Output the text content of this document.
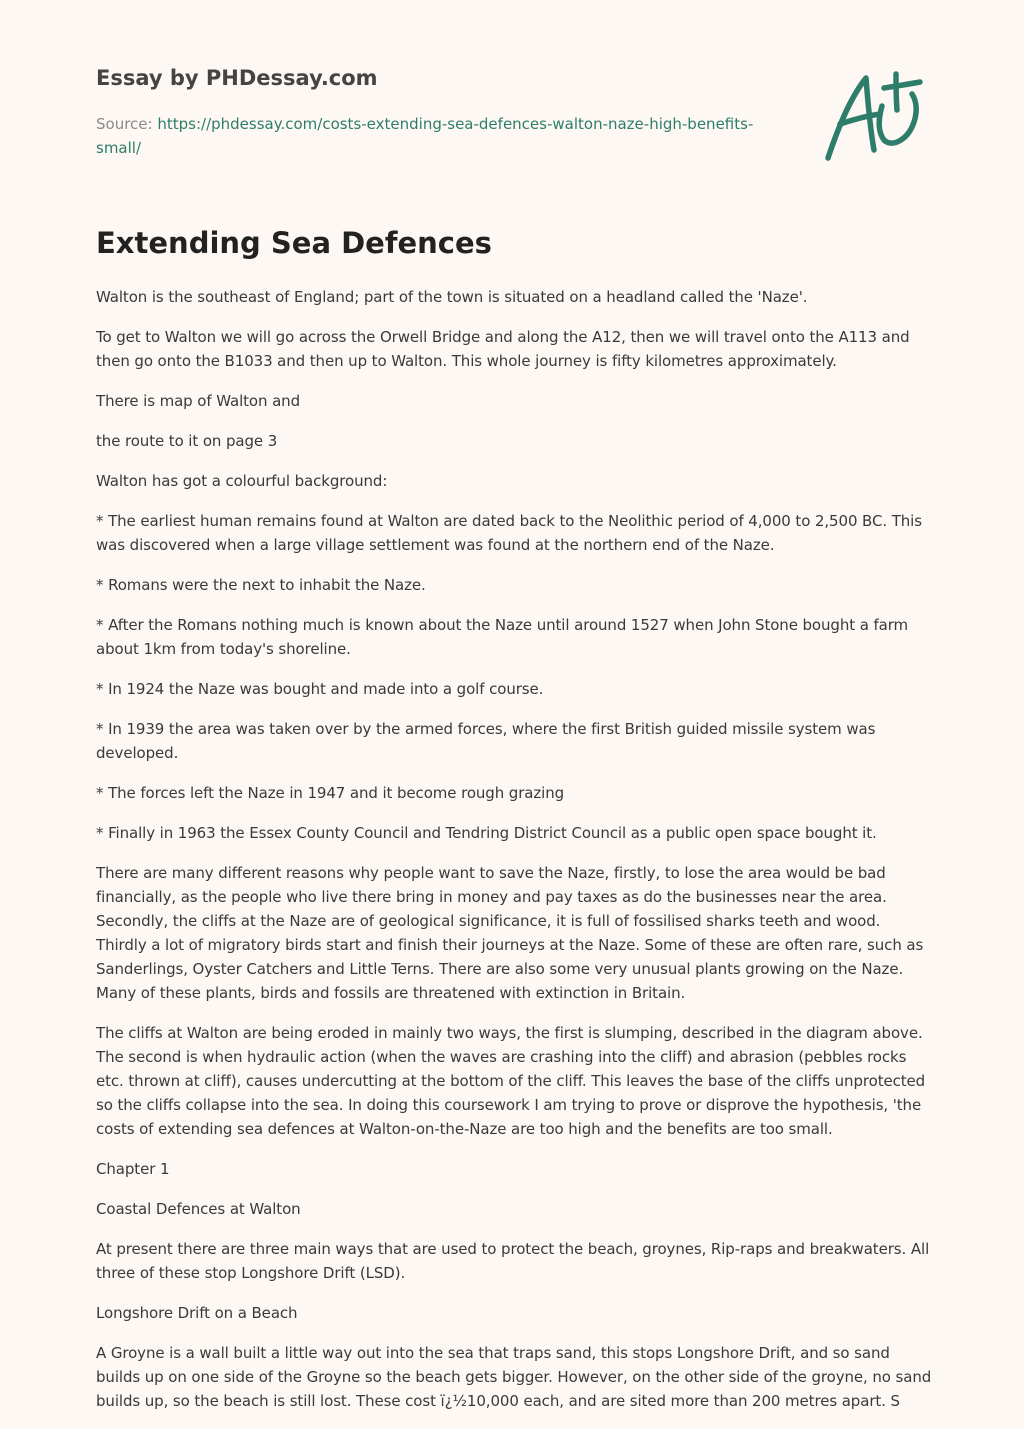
Essay by PHDessay.com
Source: https://phdessay.com/costs-extending-sea-defences-walton-naze-high-benefits-small/
Extending Sea Defences

Walton is the southeast of England; part of the town is situated on a headland called the 'Naze'.

To get to Walton we will go across the Orwell Bridge and along the A12, then we will travel onto the A113 and then go onto the B1033 and then up to Walton. This whole journey is fifty kilometres approximately.

There is map of Walton and

the route to it on page 3

Walton has got a colourful background:

* The earliest human remains found at Walton are dated back to the Neolithic period of 4,000 to 2,500 BC. This was discovered when a large village settlement was found at the northern end of the Naze.

* Romans were the next to inhabit the Naze.

* After the Romans nothing much is known about the Naze until around 1527 when John Stone bought a farm about 1km from today's shoreline.

* In 1924 the Naze was bought and made into a golf course.

* In 1939 the area was taken over by the armed forces, where the first British guided missile system was developed.

* The forces left the Naze in 1947 and it become rough grazing

* Finally in 1963 the Essex County Council and Tendring District Council as a public open space bought it.

There are many different reasons why people want to save the Naze, firstly, to lose the area would be bad financially, as the people who live there bring in money and pay taxes as do the businesses near the area. Secondly, the cliffs at the Naze are of geological significance, it is full of fossilised sharks teeth and wood. Thirdly a lot of migratory birds start and finish their journeys at the Naze. Some of these are often rare, such as Sanderlings, Oyster Catchers and Little Terns. There are also some very unusual plants growing on the Naze. Many of these plants, birds and fossils are threatened with extinction in Britain.

The cliffs at Walton are being eroded in mainly two ways, the first is slumping, described in the diagram above. The second is when hydraulic action (when the waves are crashing into the cliff) and abrasion (pebbles rocks etc. thrown at cliff), causes undercutting at the bottom of the cliff. This leaves the base of the cliffs unprotected so the cliffs collapse into the sea. In doing this coursework I am trying to prove or disprove the hypothesis, 'the costs of extending sea defences at Walton-on-the-Naze are too high and the benefits are too small.

Chapter 1

Coastal Defences at Walton

At present there are three main ways that are used to protect the beach, groynes, Rip-raps and breakwaters. All three of these stop Longshore Drift (LSD).

Longshore Drift on a Beach

A Groyne is a wall built a little way out into the sea that traps sand, this stops Longshore Drift, and so sand builds up on one side of the Groyne so the beach gets bigger. However, on the other side of the groyne, no sand builds up, so the beach is still lost. These cost ï¿½10,000 each, and are sited more than 200 metres apart. S
